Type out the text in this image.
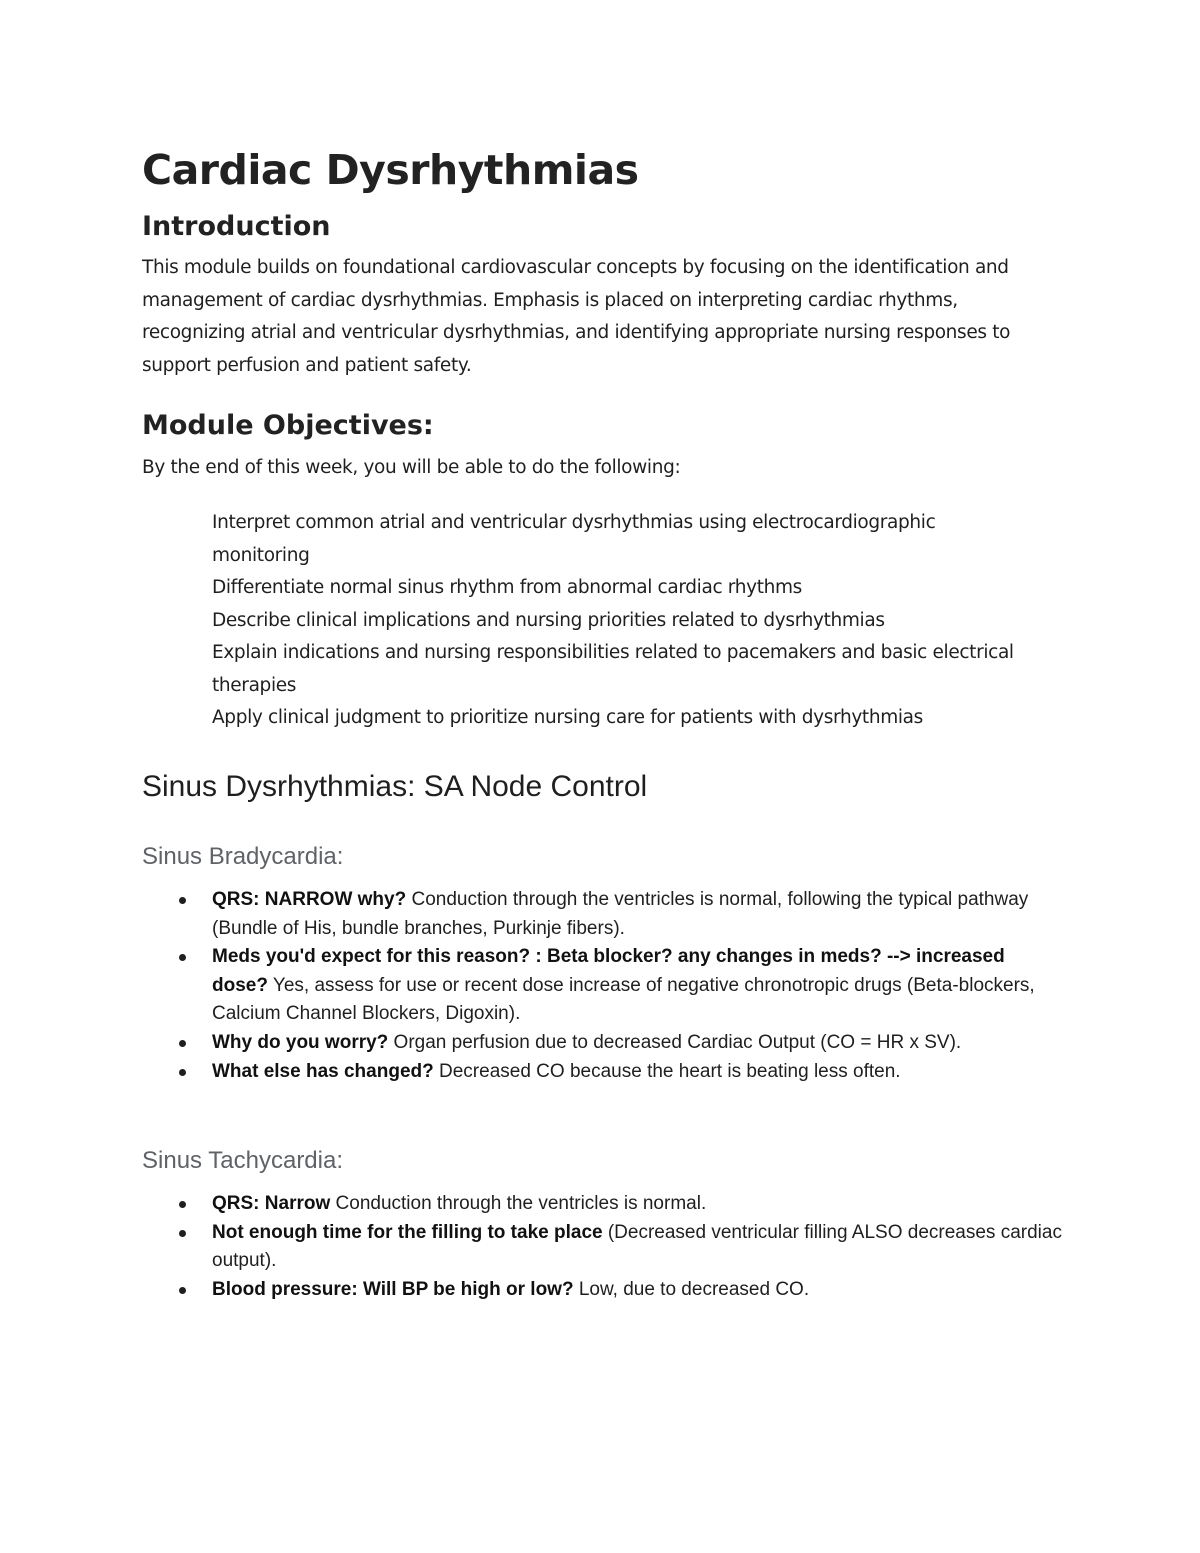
Cardiac Dysrhythmias
Introduction

This module builds on foundational cardiovascular concepts by focusing on the identification and management of cardiac dysrhythmias. Emphasis is placed on interpreting cardiac rhythms, recognizing atrial and ventricular dysrhythmias, and identifying appropriate nursing responses to support perfusion and patient safety.

Module Objectives:

By the end of this week, you will be able to do the following:

Interpret common atrial and ventricular dysrhythmias using electrocardiographic monitoring
Differentiate normal sinus rhythm from abnormal cardiac rhythms
Describe clinical implications and nursing priorities related to dysrhythmias
Explain indications and nursing responsibilities related to pacemakers and basic electrical therapies
Apply clinical judgment to prioritize nursing care for patients with dysrhythmias
Sinus Dysrhythmias: SA Node Control
Sinus Bradycardia:
QRS: NARROW why? Conduction through the ventricles is normal, following the typical pathway (Bundle of His, bundle branches, Purkinje fibers).
Meds you'd expect for this reason? : Beta blocker? any changes in meds? --> increased dose? Yes, assess for use or recent dose increase of negative chronotropic drugs (Beta-blockers, Calcium Channel Blockers, Digoxin).
Why do you worry? Organ perfusion due to decreased Cardiac Output (CO = HR x SV).
What else has changed? Decreased CO because the heart is beating less often.
Sinus Tachycardia:
QRS: Narrow Conduction through the ventricles is normal.
Not enough time for the filling to take place (Decreased ventricular filling ALSO decreases cardiac output).
Blood pressure: Will BP be high or low? Low, due to decreased CO.
